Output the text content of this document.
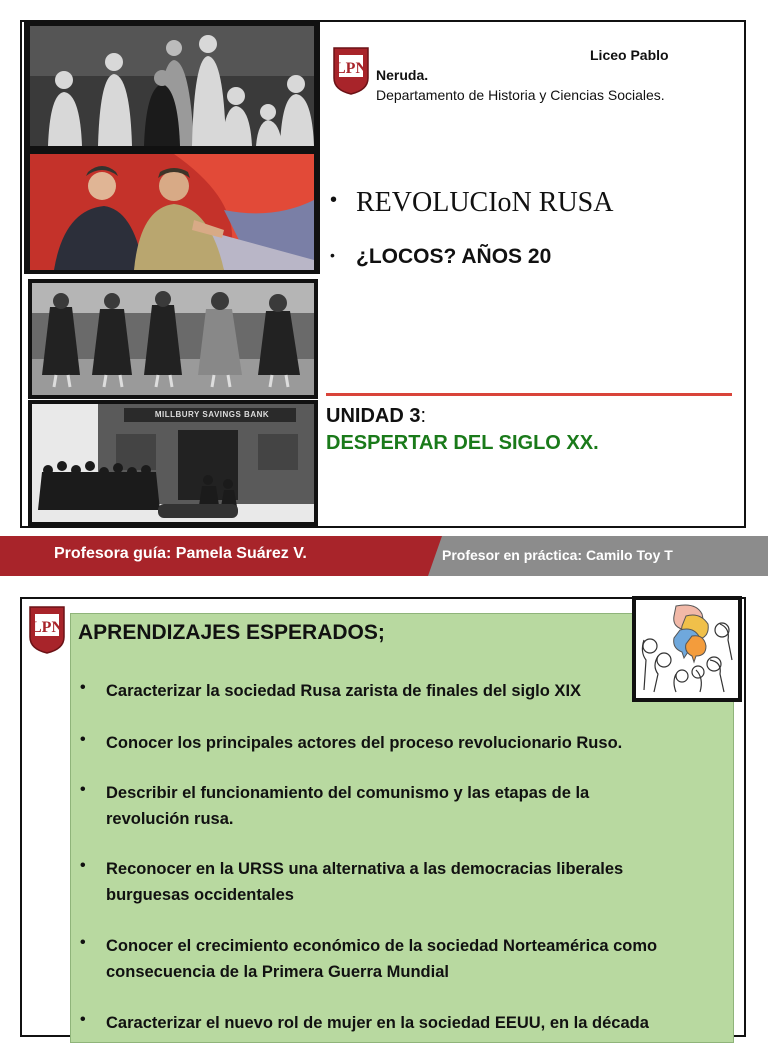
MILLBURY SAVINGS BANK
LPN
Liceo Pablo
Neruda.
Departamento de Historia y Ciencias Sociales.
• REVOLUCIoN RUSA
• ¿LOCOS? AÑOS 20
UNIDAD 3:
DESPERTAR DEL SIGLO XX.
Profesora guía: Pamela Suárez V.	Profesor en práctica: Camilo Toy T
LPN APRENDIZAJES ESPERADOS;
• Caracterizar la sociedad Rusa zarista de finales del siglo XIX
• Conocer los principales actores del proceso revolucionario Ruso.
• Describir el funcionamiento del comunismo y las etapas de la revolución rusa.
• Reconocer en la URSS una alternativa a las democracias liberales burguesas occidentales
• Conocer el crecimiento económico de la sociedad Norteamérica como consecuencia de la Primera Guerra Mundial
• Caracterizar el nuevo rol de mujer en la sociedad EEUU, en la década
